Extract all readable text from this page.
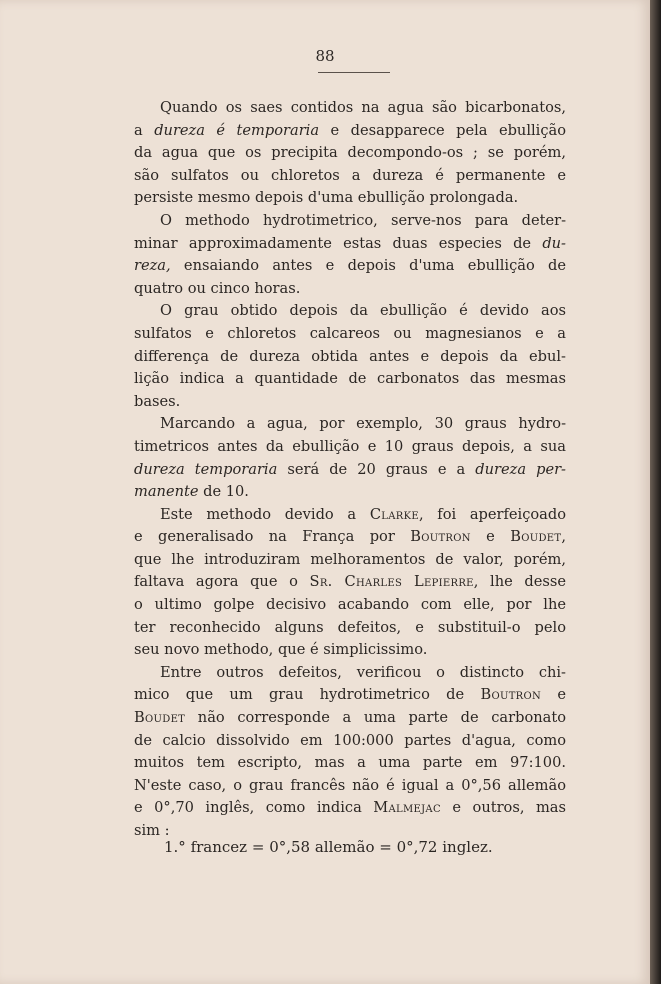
88
Quando os saes contidos na agua são bicarbonatos,
a dureza é temporaria e desapparece pela ebullição
da agua que os precipita decompondo-os ; se porém,
são sulfatos ou chloretos a dureza é permanente e
persiste mesmo depois d'uma ebullição prolongada.
O methodo hydrotimetrico, serve-nos para deter-
minar approximadamente estas duas especies de du-
reza, ensaiando antes e depois d'uma ebullição de
quatro ou cinco horas.
O grau obtido depois da ebullição é devido aos
sulfatos e chloretos calcareos ou magnesianos e a
differença de dureza obtida antes e depois da ebul-
lição indica a quantidade de carbonatos das mesmas
bases.
Marcando a agua, por exemplo, 30 graus hydro-
timetricos antes da ebullição e 10 graus depois, a sua
dureza temporaria será de 20 graus e a dureza per-
manente de 10.
Este methodo devido a Clarke, foi aperfeiçoado
e generalisado na França por Boutron e Boudet,
que lhe introduziram melhoramentos de valor, porém,
faltava agora que o Sr. Charles Lepierre, lhe desse
o ultimo golpe decisivo acabando com elle, por lhe
ter reconhecido alguns defeitos, e substituil-o pelo
seu novo methodo, que é simplicissimo.
Entre outros defeitos, verificou o distincto chi-
mico que um grau hydrotimetrico de Boutron e
Boudet não corresponde a uma parte de carbonato
de calcio dissolvido em 100:000 partes d'agua, como
muitos tem escripto, mas a uma parte em 97:100.
N'este caso, o grau francês não é igual a 0°,56 allemão
e 0°,70 inglês, como indica Malmejac e outros, mas
sim :
1.° francez = 0°,58 allemão = 0°,72 inglez.
